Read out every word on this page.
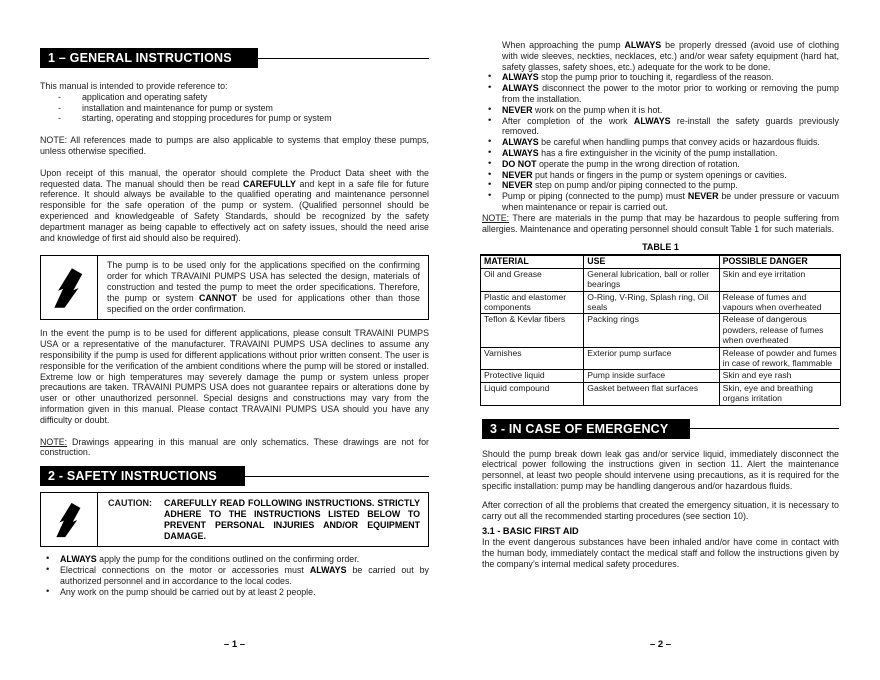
1 – GENERAL INSTRUCTIONS
This manual is intended to provide reference to:
- application and operating safety
- installation and maintenance for pump or system
- starting, operating and stopping procedures for pump or system
NOTE: All references made to pumps are also applicable to systems that employ these pumps, unless otherwise specified.
Upon receipt of this manual, the operator should complete the Product Data sheet with the requested data. The manual should then be read CAREFULLY and kept in a safe file for future reference. It should always be available to the qualified operating and maintenance personnel responsible for the safe operation of the pump or system. (Qualified personnel should be experienced and knowledgeable of Safety Standards, should be recognized by the safety department manager as being capable to effectively act on safety issues, should the need arise and knowledge of first aid should also be required).
The pump is to be used only for the applications specified on the confirming order for which TRAVAINI PUMPS USA has selected the design, materials of construction and tested the pump to meet the order specifications. Therefore, the pump or system CANNOT be used for applications other than those specified on the order confirmation.
In the event the pump is to be used for different applications, please consult TRAVAINI PUMPS USA or a representative of the manufacturer. TRAVAINI PUMPS USA declines to assume any responsibility if the pump is used for different applications without prior written consent. The user is responsible for the verification of the ambient conditions where the pump will be stored or installed. Extreme low or high temperatures may severely damage the pump or system unless proper precautions are taken. TRAVAINI PUMPS USA does not guarantee repairs or alterations done by user or other unauthorized personnel. Special designs and constructions may vary from the information given in this manual. Please contact TRAVAINI PUMPS USA should you have any difficulty or doubt.
NOTE: Drawings appearing in this manual are only schematics. These drawings are not for construction.
2 - SAFETY INSTRUCTIONS
CAUTION:	CAREFULLY READ FOLLOWING INSTRUCTIONS. STRICTLY ADHERE TO THE INSTRUCTIONS LISTED BELOW TO PREVENT PERSONAL INJURIES AND/OR EQUIPMENT DAMAGE.
• ALWAYS apply the pump for the conditions outlined on the confirming order.
• Electrical connections on the motor or accessories must ALWAYS be carried out by authorized personnel and in accordance to the local codes.
• Any work on the pump should be carried out by at least 2 people.
When approaching the pump ALWAYS be properly dressed (avoid use of clothing with wide sleeves, neckties, necklaces, etc.) and/or wear safety equipment (hard hat, safety glasses, safety shoes, etc.) adequate for the work to be done.
• ALWAYS stop the pump prior to touching it, regardless of the reason.
• ALWAYS disconnect the power to the motor prior to working or removing the pump from the installation.
• NEVER work on the pump when it is hot.
• After completion of the work ALWAYS re-install the safety guards previously removed.
• ALWAYS be careful when handling pumps that convey acids or hazardous fluids.
• ALWAYS has a fire extinguisher in the vicinity of the pump installation.
• DO NOT operate the pump in the wrong direction of rotation.
• NEVER put hands or fingers in the pump or system openings or cavities.
• NEVER step on pump and/or piping connected to the pump.
• Pump or piping (connected to the pump) must NEVER be under pressure or vacuum when maintenance or repair is carried out.
NOTE: There are materials in the pump that may be hazardous to people suffering from allergies. Maintenance and operating personnel should consult Table 1 for such materials.
TABLE 1
MATERIAL	USE	POSSIBLE DANGER
Oil and Grease	General lubrication, ball or roller bearings	Skin and eye irritation
Plastic and elastomer components	O-Ring, V-Ring, Splash ring, Oil seals	Release of fumes and vapours when overheated
Teflon & Kevlar fibers	Packing rings	Release of dangerous powders, release of fumes when overheated
Varnishes	Exterior pump surface	Release of powder and fumes in case of rework, flammable
Protective liquid	Pump inside surface	Skin and eye rash
Liquid compound	Gasket between flat surfaces	Skin, eye and breathing organs irritation
3 - IN CASE OF EMERGENCY
Should the pump break down leak gas and/or service liquid, immediately disconnect the electrical power following the instructions given in section 11. Alert the maintenance personnel, at least two people should intervene using precautions, as it is required for the specific installation: pump may be handling dangerous and/or hazardous fluids.
After correction of all the problems that created the emergency situation, it is necessary to carry out all the recommended starting procedures (see section 10).
3.1 - BASIC FIRST AID
In the event dangerous substances have been inhaled and/or have come in contact with the human body, immediately contact the medical staff and follow the instructions given by the company’s internal medical safety procedures.
– 1 –	– 2 –
